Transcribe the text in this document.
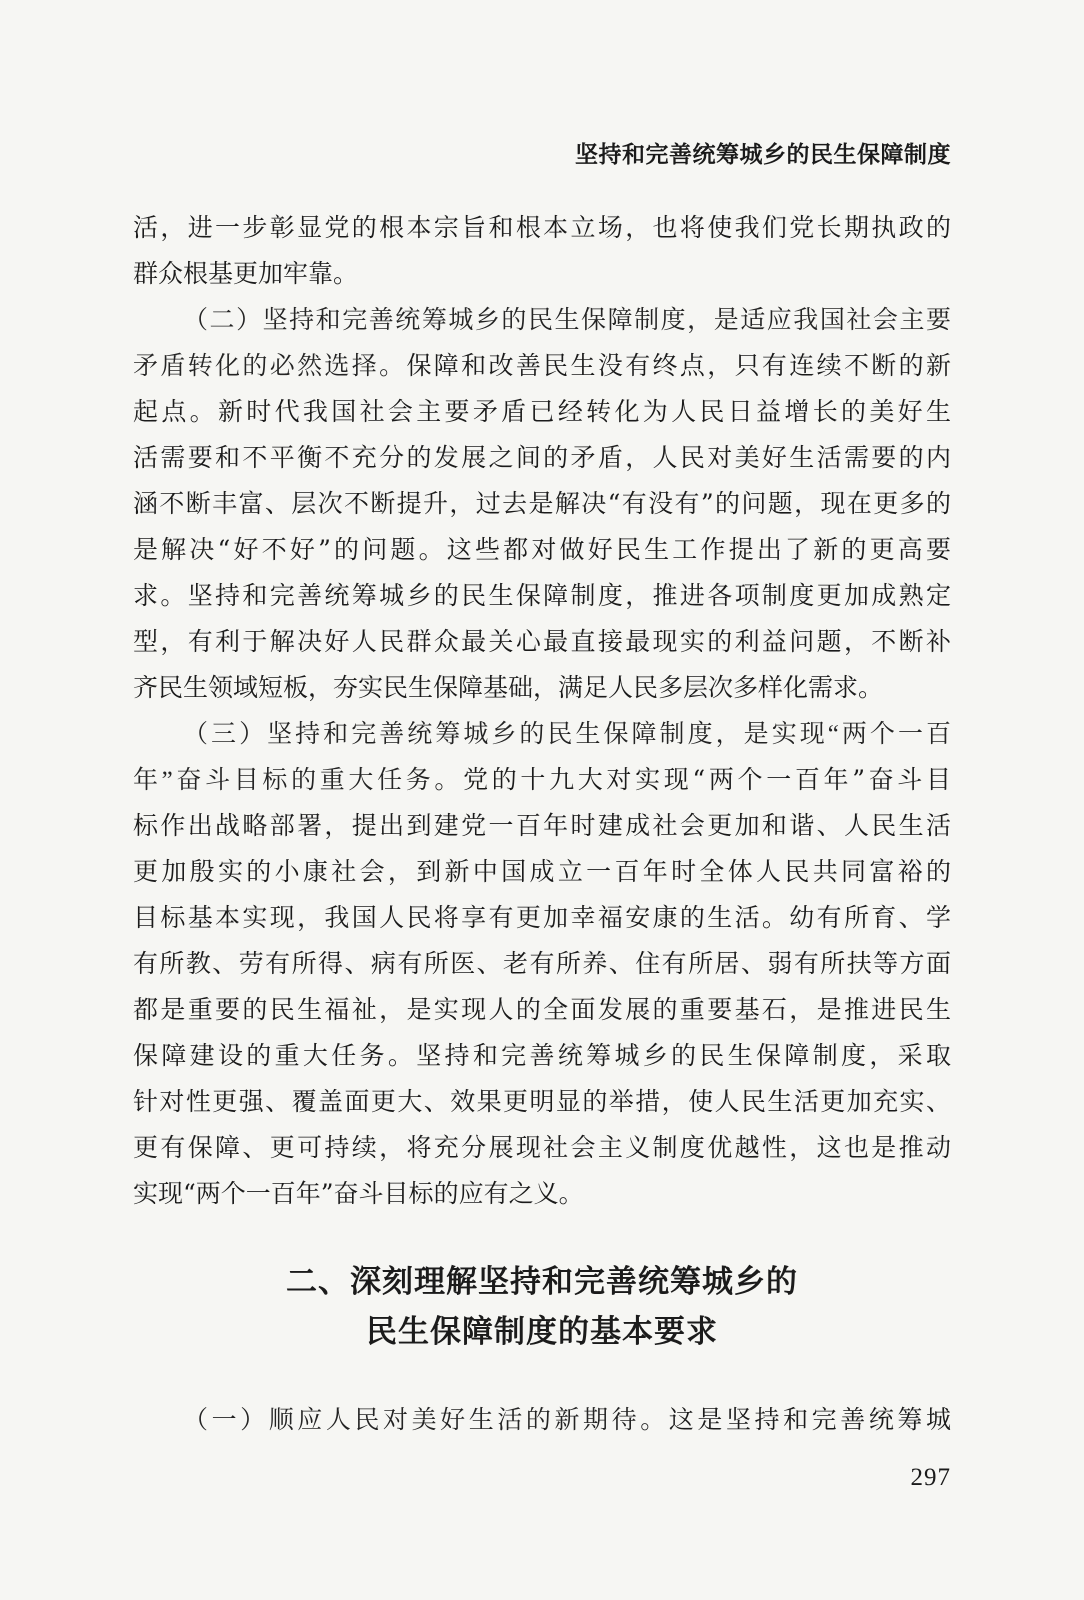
坚持和完善统筹城乡的民生保障制度
活，进一步彰显党的根本宗旨和根本立场，也将使我们党长期执政的
群众根基更加牢靠。
（二）坚持和完善统筹城乡的民生保障制度，是适应我国社会主要
矛盾转化的必然选择。保障和改善民生没有终点，只有连续不断的新
起点。新时代我国社会主要矛盾已经转化为人民日益增长的美好生
活需要和不平衡不充分的发展之间的矛盾，人民对美好生活需要的内
涵不断丰富、层次不断提升，过去是解决“有没有”的问题，现在更多的
是解决“好不好”的问题。这些都对做好民生工作提出了新的更高要
求。坚持和完善统筹城乡的民生保障制度，推进各项制度更加成熟定
型，有利于解决好人民群众最关心最直接最现实的利益问题，不断补
齐民生领域短板，夯实民生保障基础，满足人民多层次多样化需求。
（三）坚持和完善统筹城乡的民生保障制度，是实现“两个一百
年”奋斗目标的重大任务。党的十九大对实现“两个一百年”奋斗目
标作出战略部署，提出到建党一百年时建成社会更加和谐、人民生活
更加殷实的小康社会，到新中国成立一百年时全体人民共同富裕的
目标基本实现，我国人民将享有更加幸福安康的生活。幼有所育、学
有所教、劳有所得、病有所医、老有所养、住有所居、弱有所扶等方面
都是重要的民生福祉，是实现人的全面发展的重要基石，是推进民生
保障建设的重大任务。坚持和完善统筹城乡的民生保障制度，采取
针对性更强、覆盖面更大、效果更明显的举措，使人民生活更加充实、
更有保障、更可持续，将充分展现社会主义制度优越性，这也是推动
实现“两个一百年”奋斗目标的应有之义。
二、深刻理解坚持和完善统筹城乡的
民生保障制度的基本要求
（一）顺应人民对美好生活的新期待。这是坚持和完善统筹城
297
